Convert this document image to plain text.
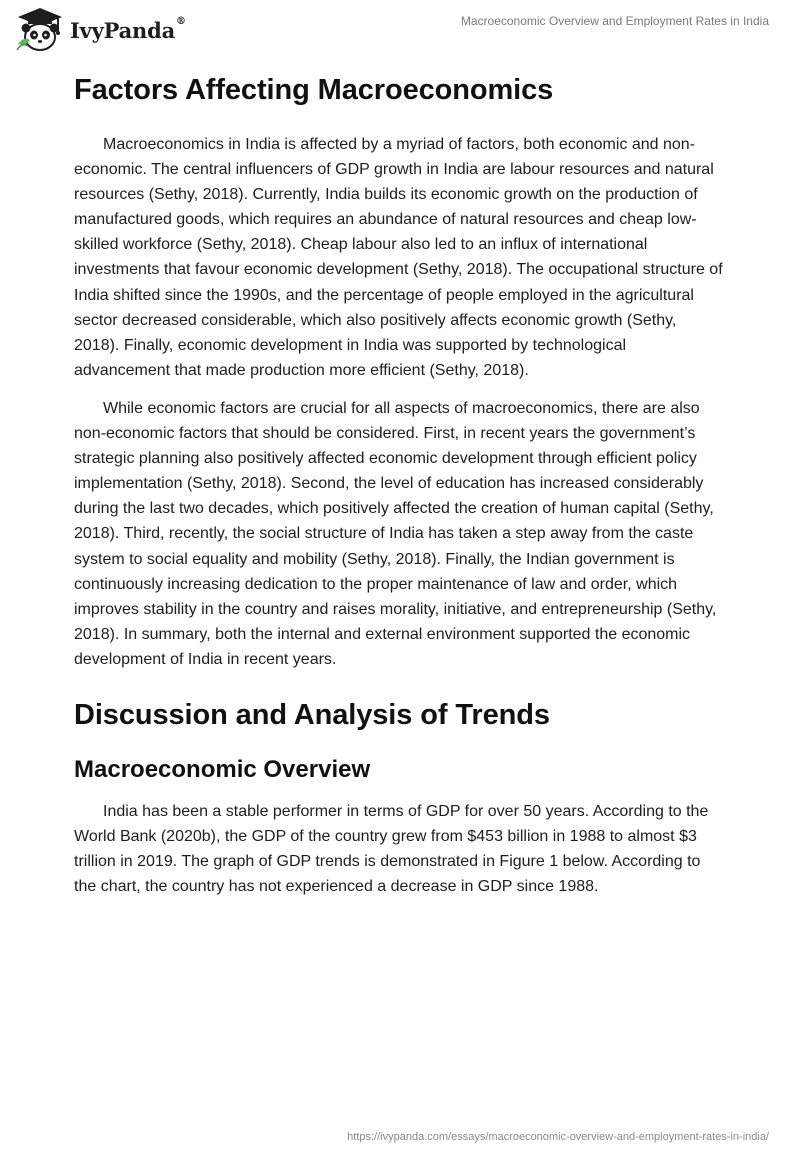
IvyPanda®	Macroeconomic Overview and Employment Rates in India
Factors Affecting Macroeconomics

Macroeconomics in India is affected by a myriad of factors, both economic and non-economic. The central influencers of GDP growth in India are labour resources and natural resources (Sethy, 2018). Currently, India builds its economic growth on the production of manufactured goods, which requires an abundance of natural resources and cheap low-skilled workforce (Sethy, 2018). Cheap labour also led to an influx of international investments that favour economic development (Sethy, 2018). The occupational structure of India shifted since the 1990s, and the percentage of people employed in the agricultural sector decreased considerable, which also positively affects economic growth (Sethy, 2018). Finally, economic development in India was supported by technological advancement that made production more efficient (Sethy, 2018).

While economic factors are crucial for all aspects of macroeconomics, there are also non-economic factors that should be considered. First, in recent years the government’s strategic planning also positively affected economic development through efficient policy implementation (Sethy, 2018). Second, the level of education has increased considerably during the last two decades, which positively affected the creation of human capital (Sethy, 2018). Third, recently, the social structure of India has taken a step away from the caste system to social equality and mobility (Sethy, 2018). Finally, the Indian government is continuously increasing dedication to the proper maintenance of law and order, which improves stability in the country and raises morality, initiative, and entrepreneurship (Sethy, 2018). In summary, both the internal and external environment supported the economic development of India in recent years.

Discussion and Analysis of Trends
Macroeconomic Overview

India has been a stable performer in terms of GDP for over 50 years. According to the World Bank (2020b), the GDP of the country grew from $453 billion in 1988 to almost $3 trillion in 2019. The graph of GDP trends is demonstrated in Figure 1 below. According to the chart, the country has not experienced a decrease in GDP since 1988.

https://ivypanda.com/essays/macroeconomic-overview-and-employment-rates-in-india/
